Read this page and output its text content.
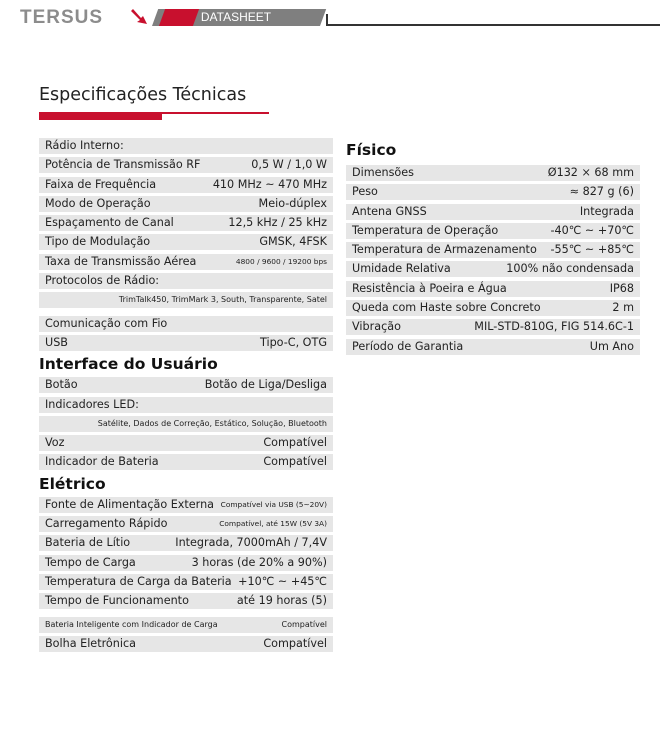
TERSUS	DATASHEET
Especificações Técnicas
Rádio Interno:
Potência de Transmissão RF	0,5 W / 1,0 W
Faixa de Frequência	410 MHz ~ 470 MHz
Modo de Operação	Meio-dúplex
Espaçamento de Canal	12,5 kHz / 25 kHz
Tipo de Modulação	GMSK, 4FSK
Taxa de Transmissão Aérea	4800 / 9600 / 19200 bps
Protocolos de Rádio:
TrimTalk450, TrimMark 3, South, Transparente, Satel
Comunicação com Fio
USB	Tipo-C, OTG
Interface do Usuário
Botão	Botão de Liga/Desliga
Indicadores LED:
Satélite, Dados de Correção, Estático, Solução, Bluetooth
Voz	Compatível
Indicador de Bateria	Compatível
Elétrico
Fonte de Alimentação Externa Compatível via USB (5~20V)
Carregamento Rápido	Compatível, até 15W (5V 3A)
Bateria de Lítio	Integrada, 7000mAh / 7,4V
Tempo de Carga	3 horas (de 20% a 90%)
Temperatura de Carga da Bateria +10℃ ~ +45℃
Tempo de Funcionamento	até 19 horas (5)
Bateria Inteligente com Indicador de Carga	Compatível
Bolha Eletrônica	Compatível
Físico
Dimensões	Ø132 × 68 mm
Peso	≈ 827 g (6)
Antena GNSS	Integrada
Temperatura de Operação	-40℃ ~ +70℃
Temperatura de Armazenamento -55℃ ~ +85℃
Umidade Relativa	100% não condensada
Resistência à Poeira e Água	IP68
Queda com Haste sobre Concreto	2 m
Vibração	MIL-STD-810G, FIG 514.6C-1
Período de Garantia	Um Ano
